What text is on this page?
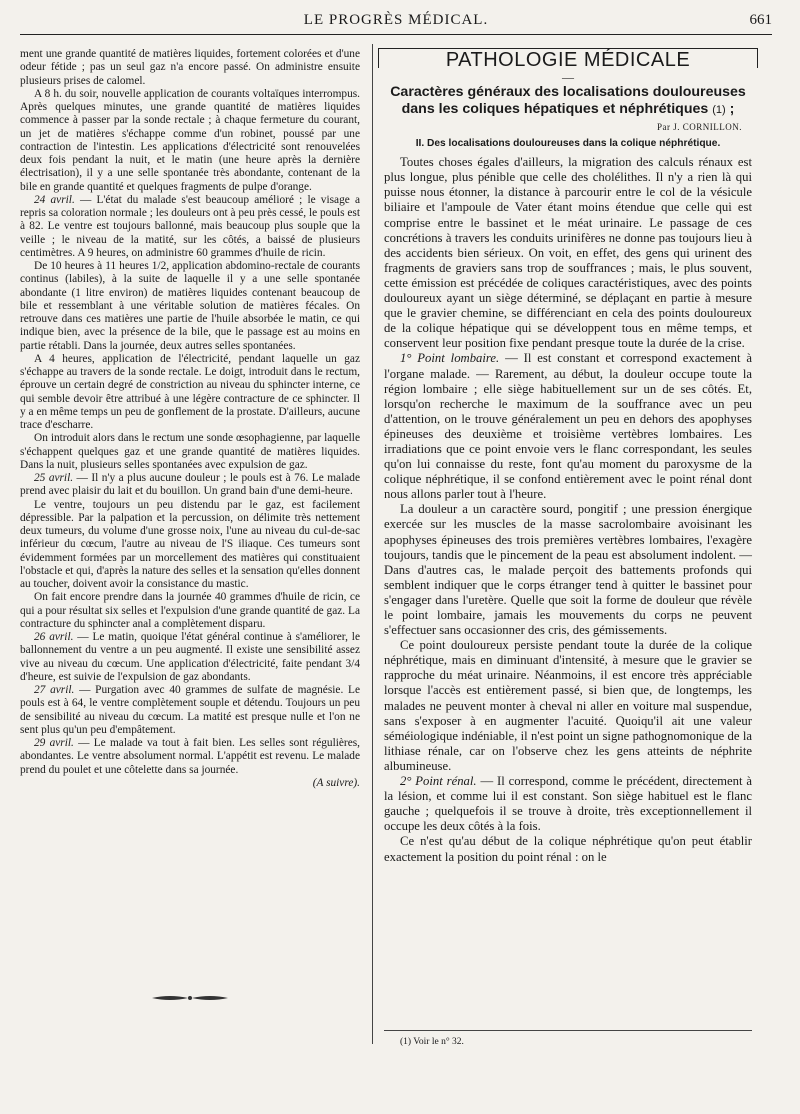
LE PROGRÈS MÉDICAL.	661

ment une grande quantité de matières liquides, fortement colorées et d'une odeur fétide ; pas un seul gaz n'a encore passé. On administre ensuite plusieurs prises de calomel.

A 8 h. du soir, nouvelle application de courants voltaïques interrompus. Après quelques minutes, une grande quantité de matières liquides commence à passer par la sonde rectale ; à chaque fermeture du courant, un jet de matières s'échappe comme d'un robinet, poussé par une contraction de l'intestin. Les applications d'électricité sont renouvelées deux fois pendant la nuit, et le matin (une heure après la dernière électrisation), il y a une selle spontanée très abondante, contenant de la bile en grande quantité et quelques fragments de pulpe d'orange.

24 avril. — L'état du malade s'est beaucoup amélioré ; le visage a repris sa coloration normale ; les douleurs ont à peu près cessé, le pouls est à 82. Le ventre est toujours ballonné, mais beaucoup plus souple que la veille ; le niveau de la matité, sur les côtés, a baissé de plusieurs centimètres. A 9 heures, on administre 60 grammes d'huile de ricin.

De 10 heures à 11 heures 1/2, application abdomino-rectale de courants continus (labiles), à la suite de laquelle il y a une selle spontanée abondante (1 litre environ) de matières liquides contenant beaucoup de bile et ressemblant à une véritable solution de matières fécales. On retrouve dans ces matières une partie de l'huile absorbée le matin, ce qui indique bien, avec la présence de la bile, que le passage est au moins en partie rétabli. Dans la journée, deux autres selles spontanées.

A 4 heures, application de l'électricité, pendant laquelle un gaz s'échappe au travers de la sonde rectale. Le doigt, introduit dans le rectum, éprouve un certain degré de constriction au niveau du sphincter interne, ce qui semble devoir être attribué à une légère contracture de ce sphincter. Il y a en même temps un peu de gonflement de la prostate. D'ailleurs, aucune trace d'escharre.

On introduit alors dans le rectum une sonde œsophagienne, par laquelle s'échappent quelques gaz et une grande quantité de matières liquides. Dans la nuit, plusieurs selles spontanées avec expulsion de gaz.

25 avril. — Il n'y a plus aucune douleur ; le pouls est à 76. Le malade prend avec plaisir du lait et du bouillon. Un grand bain d'une demi-heure.

Le ventre, toujours un peu distendu par le gaz, est facilement dépressible. Par la palpation et la percussion, on délimite très nettement deux tumeurs, du volume d'une grosse noix, l'une au niveau du cul-de-sac inférieur du cœcum, l'autre au niveau de l'S iliaque. Ces tumeurs sont évidemment formées par un morcellement des matières qui constituaient l'obstacle et qui, d'après la nature des selles et la sensation qu'elles donnent au toucher, doivent avoir la consistance du mastic.

On fait encore prendre dans la journée 40 grammes d'huile de ricin, ce qui a pour résultat six selles et l'expulsion d'une grande quantité de gaz. La contracture du sphincter anal a complètement disparu.

26 avril. — Le matin, quoique l'état général continue à s'améliorer, le ballonnement du ventre a un peu augmenté. Il existe une sensibilité assez vive au niveau du cœcum. Une application d'électricité, faite pendant 3/4 d'heure, est suivie de l'expulsion de gaz abondants.

27 avril. — Purgation avec 40 grammes de sulfate de magnésie. Le pouls est à 64, le ventre complètement souple et détendu. Toujours un peu de sensibilité au niveau du cœcum. La matité est presque nulle et l'on ne sent plus qu'un peu d'empâtement.

29 avril. — Le malade va tout à fait bien. Les selles sont régulières, abondantes. Le ventre absolument normal. L'appétit est revenu. Le malade prend du poulet et une côtelette dans sa journée.

(A suivre).
PATHOLOGIE MÉDICALE
—
Caractères généraux des localisations douloureuses dans les coliques hépatiques et néphrétiques (1) ;
Par J. CORNILLON.
II. Des localisations douloureuses dans la colique néphrétique.

Toutes choses égales d'ailleurs, la migration des calculs rénaux est plus longue, plus pénible que celle des cholélithes. Il n'y a rien là qui puisse nous étonner, la distance à parcourir entre le col de la vésicule biliaire et l'ampoule de Vater étant moins étendue que celle qui est comprise entre le bassinet et le méat urinaire. Le passage de ces concrétions à travers les conduits urinifères ne donne pas toujours lieu à des accidents bien sérieux. On voit, en effet, des gens qui urinent des fragments de graviers sans trop de souffrances ; mais, le plus souvent, cette émission est précédée de coliques caractéristiques, avec des points douloureux ayant un siège déterminé, se déplaçant en partie à mesure que le gravier chemine, se différenciant en cela des points douloureux de la colique hépatique qui se développent tous en même temps, et conservent leur position fixe pendant presque toute la durée de la crise.

1° Point lombaire. — Il est constant et correspond exactement à l'organe malade. — Rarement, au début, la douleur occupe toute la région lombaire ; elle siège habituellement sur un de ses côtés. Et, lorsqu'on recherche le maximum de la souffrance avec un peu d'attention, on le trouve généralement un peu en dehors des apophyses épineuses des deuxième et troisième vertèbres lombaires. Les irradiations que ce point envoie vers le flanc correspondant, les seules qu'on lui connaisse du reste, font qu'au moment du paroxysme de la colique néphrétique, il se confond entièrement avec le point rénal dont nous allons parler tout à l'heure.

La douleur a un caractère sourd, pongitif ; une pression énergique exercée sur les muscles de la masse sacrolombaire avoisinant les apophyses épineuses des trois premières vertèbres lombaires, l'exagère toujours, tandis que le pincement de la peau est absolument indolent. — Dans d'autres cas, le malade perçoit des battements profonds qui semblent indiquer que le corps étranger tend à quitter le bassinet pour s'engager dans l'uretère. Quelle que soit la forme de douleur que révèle le point lombaire, jamais les mouvements du corps ne peuvent s'effectuer sans occasionner des cris, des gémissements.

Ce point douloureux persiste pendant toute la durée de la colique néphrétique, mais en diminuant d'intensité, à mesure que le gravier se rapproche du méat urinaire. Néanmoins, il est encore très appréciable lorsque l'accès est entièrement passé, si bien que, de longtemps, les malades ne peuvent monter à cheval ni aller en voiture mal suspendue, sans s'exposer à en augmenter l'acuité. Quoiqu'il ait une valeur séméiologique indéniable, il n'est point un signe pathognomonique de la lithiase rénale, car on l'observe chez les gens atteints de néphrite albumineuse.

2° Point rénal. — Il correspond, comme le précédent, directement à la lésion, et comme lui il est constant. Son siège habituel est le flanc gauche ; quelquefois il se trouve à droite, très exceptionnellement il occupe les deux côtés à la fois.

Ce n'est qu'au début de la colique néphrétique qu'on peut établir exactement la position du point rénal : on le

(1) Voir le n° 32.
